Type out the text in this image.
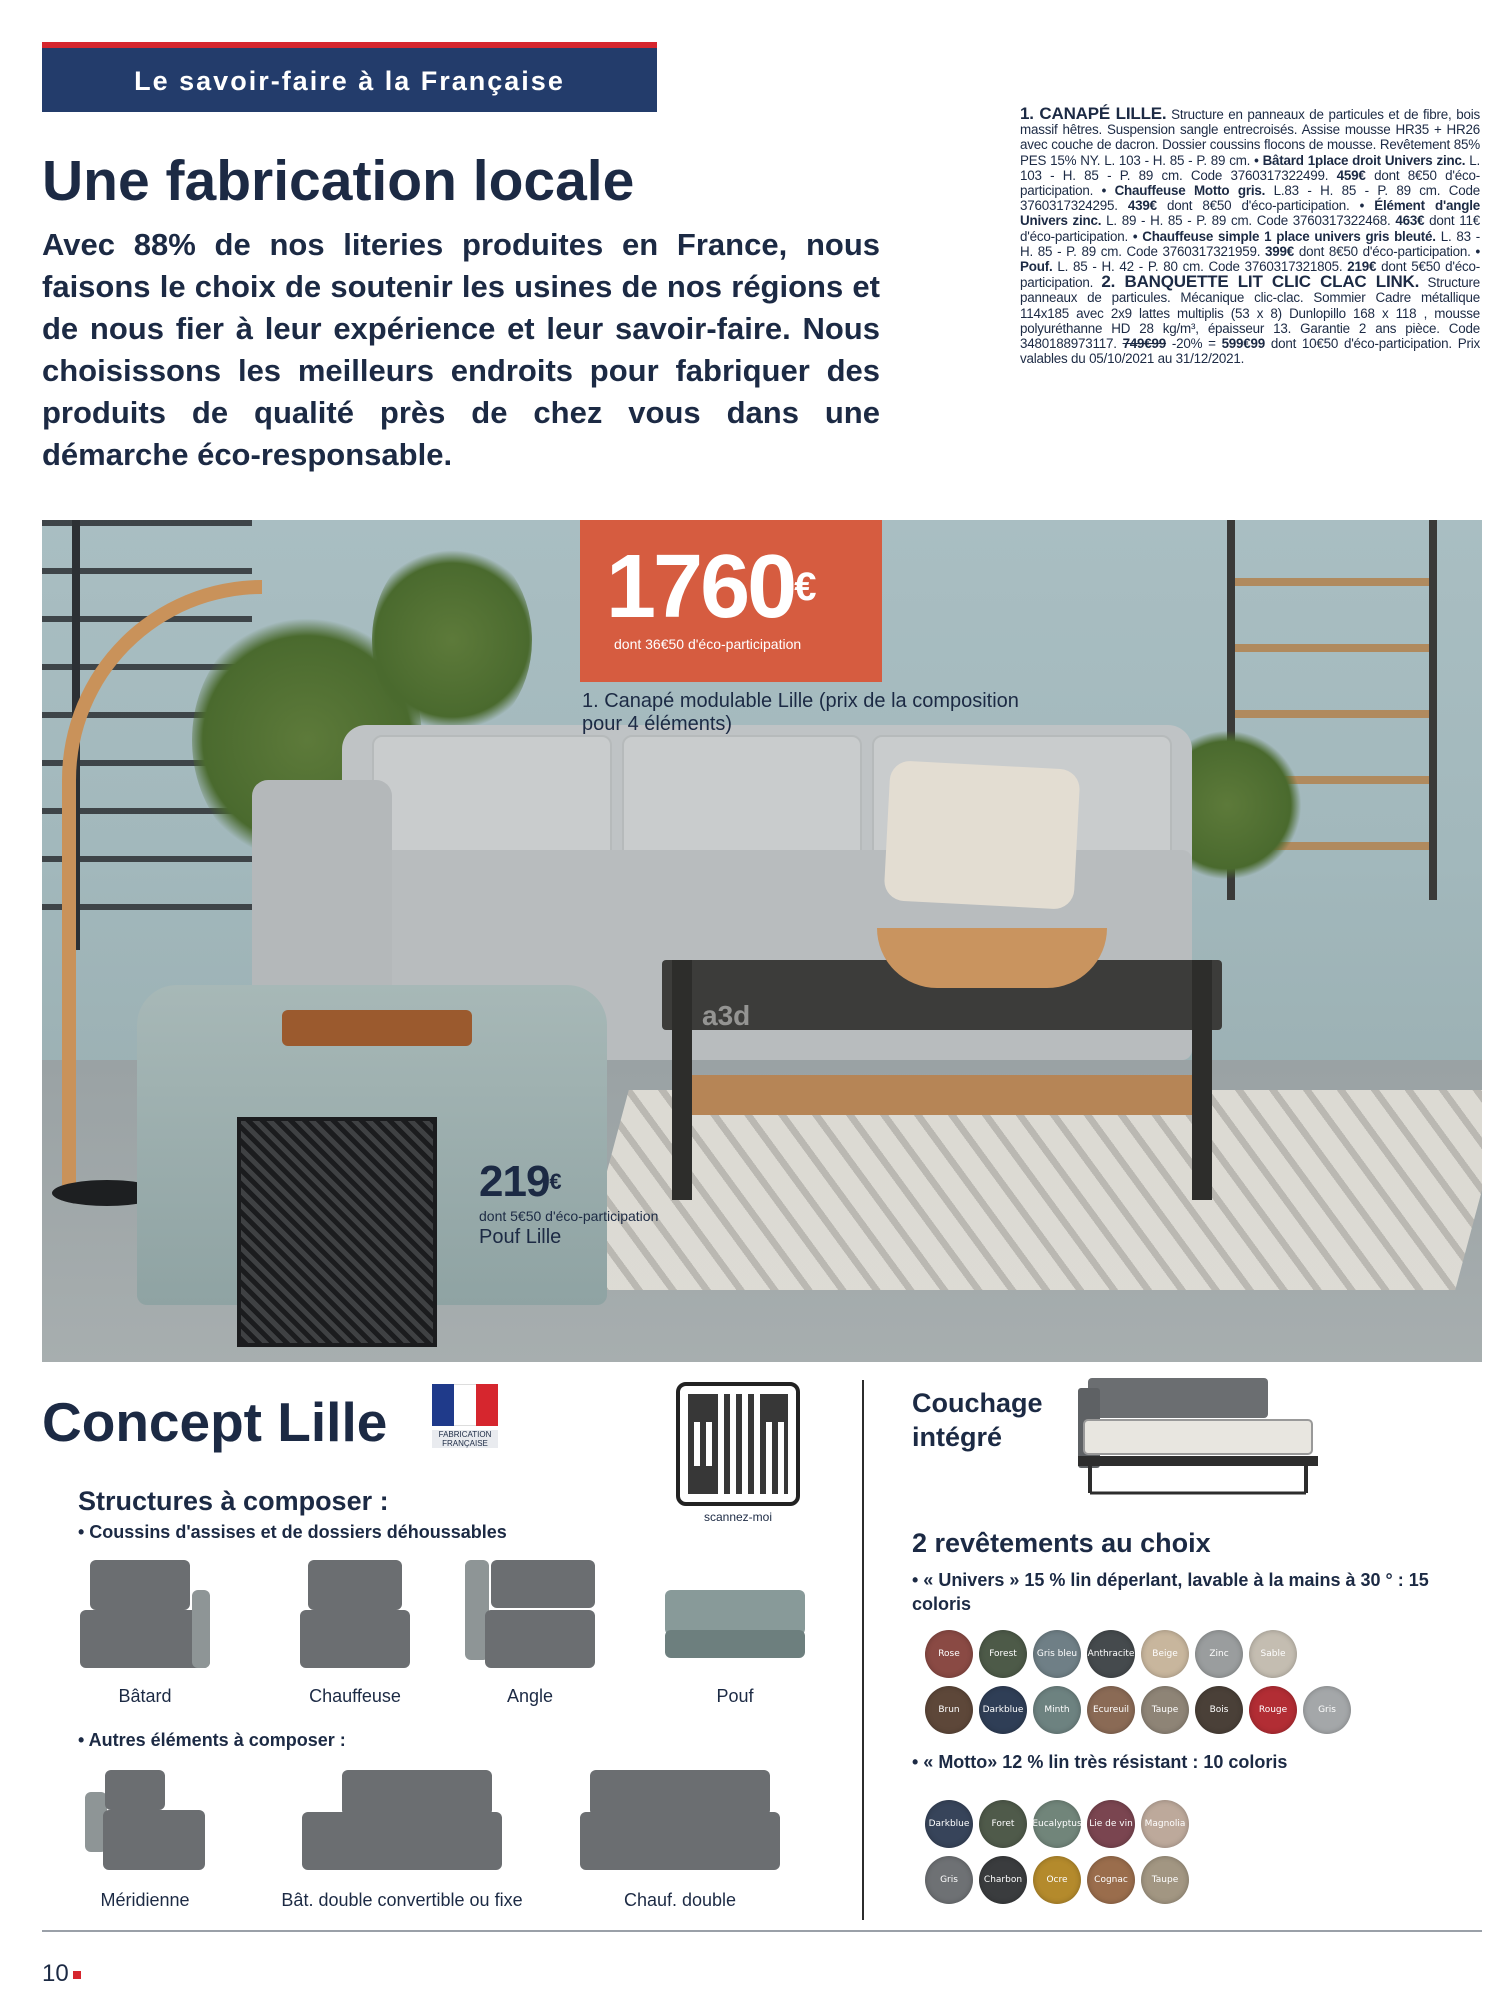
Le savoir-faire à la Française
Une fabrication locale

Avec 88% de nos literies produites en France, nous faisons le choix de soutenir les usines de nos régions et de nous fier à leur expérience et leur savoir-faire. Nous choisissons les meilleurs endroits pour fabriquer des produits de qualité près de chez vous dans une démarche éco-responsable.

1. CANAPÉ LILLE. Structure en panneaux de particules et de fibre, bois massif hêtres. Suspension sangle entrecroisés. Assise mousse HR35 + HR26 avec couche de dacron. Dossier coussins flocons de mousse. Revêtement 85% PES 15% NY. L. 103 - H. 85 - P. 89 cm. • Bâtard 1place droit Univers zinc. L. 103 - H. 85 - P. 89 cm. Code 3760317322499. 459€ dont 8€50 d'éco-participation. • Chauffeuse Motto gris. L.83 - H. 85 - P. 89 cm. Code 3760317324295. 439€ dont 8€50 d'éco-participation. • Élément d'angle Univers zinc. L. 89 - H. 85 - P. 89 cm. Code 3760317322468. 463€ dont 11€ d'éco-participation. • Chauffeuse simple 1 place univers gris bleuté. L. 83 - H. 85 - P. 89 cm. Code 3760317321959. 399€ dont 8€50 d'éco-participation. • Pouf. L. 85 - H. 42 - P. 80 cm. Code 3760317321805. 219€ dont 5€50 d'éco-participation. 2. BANQUETTE LIT CLIC CLAC LINK. Structure panneaux de particules. Mécanique clic-clac. Sommier Cadre métallique 114x185 avec 2x9 lattes multiplis (53 x 8) Dunlopillo 168 x 118 , mousse polyuréthanne HD 28 kg/m³, épaisseur 13. Garantie 2 ans pièce. Code 3480188973117. 749€99 -20% = 599€99 dont 10€50 d'éco-participation. Prix valables du 05/10/2021 au 31/12/2021.
a3d
1760€
dont 36€50 d'éco-participation
1. Canapé modulable Lille (prix de la composition pour 4 éléments)
219€
dont 5€50 d'éco-participation
Pouf Lille
Concept Lille	FABRICATION FRANÇAISE
scannez-moi
Structures à composer :
• Coussins d'assises et de dossiers déhoussables
Bâtard	Chauffeuse	Angle	Pouf
• Autres éléments à composer :
Méridienne	Bât. double convertible ou fixe	Chauf. double
Couchage intégré
2 revêtements au choix
• « Univers » 15 % lin déperlant, lavable à la mains à 30 ° : 15 coloris
Rose	Forest	Gris bleu	Anthracite	Beige	Zinc	Sable
Brun	Darkblue	Minth	Ecureuil	Taupe	Bois	Rouge	Gris
• « Motto» 12 % lin très résistant : 10 coloris
Darkblue	Foret	Eucalyptus Lie de vin	Magnolia
Gris	Charbon	Ocre	Cognac	Taupe
10
